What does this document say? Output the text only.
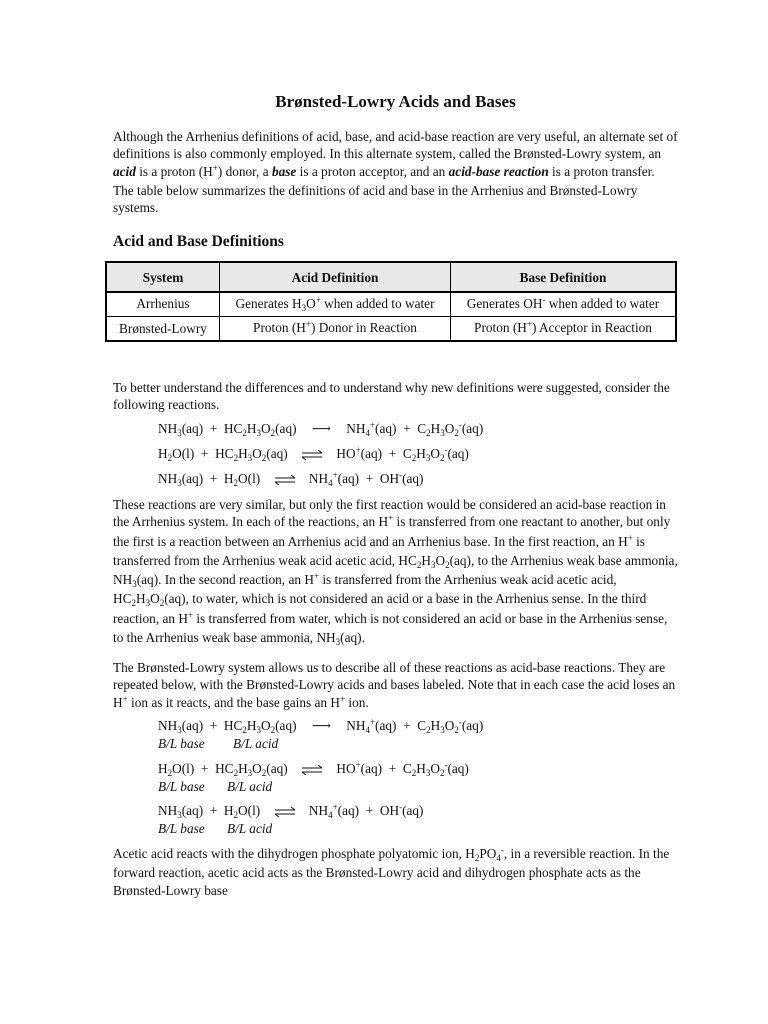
Brønsted-Lowry Acids and Bases

Although the Arrhenius definitions of acid, base, and acid-base reaction are very useful, an alternate set of definitions is also commonly employed. In this alternate system, called the Brønsted-Lowry system, an acid is a proton (H+) donor, a base is a proton acceptor, and an acid-base reaction is a proton transfer. The table below summarizes the definitions of acid and base in the Arrhenius and Brønsted-Lowry systems.

Acid and Base Definitions
System	Acid Definition	Base Definition
Arrhenius	Generates $H_3O^+$ when added to water	Generates OH- when added to water
Brønsted-Lowry	Proton (H+) Donor in Reaction	Proton (H+) Acceptor in Reaction

To better understand the differences and to understand why new definitions were suggested, consider the following reactions.

$NH_3(aq) + HC_2H_3O_2(aq)$ ⟶ $NH_4^+(aq) + C_2H_3O_2^-(aq)$
$H_2O(l) + HC_2H_3O_2(aq)$ ⇌ $HO^+(aq) + C_2H_3O_2^-(aq)$
$NH_3(aq) + H_2O(l)$ ⇌ $NH_4^+(aq) + OH^-(aq)$

These reactions are very similar, but only the first reaction would be considered an acid-base reaction in the Arrhenius system. In each of the reactions, an H+ is transferred from one reactant to another, but only the first is a reaction between an Arrhenius acid and an Arrhenius base. In the first reaction, an H+ is transferred from the Arrhenius weak acid acetic acid, $HC_2H_3O_2(aq)$, to the Arrhenius weak base ammonia, $NH_3(aq)$. In the second reaction, an H+ is transferred from the Arrhenius weak acid acetic acid, $HC_2H_3O_2(aq)$, to water, which is not considered an acid or a base in the Arrhenius sense. In the third reaction, an H+ is transferred from water, which is not considered an acid or base in the Arrhenius sense, to the Arrhenius weak base ammonia, $NH_3(aq)$.

The Brønsted-Lowry system allows us to describe all of these reactions as acid-base reactions. They are repeated below, with the Brønsted-Lowry acids and bases labeled. Note that in each case the acid loses an H+ ion as it reacts, and the base gains an H+ ion.

$NH_3(aq) + HC_2H_3O_2(aq)$ ⟶ $NH_4^+(aq) + C_2H_3O_2^-(aq)$
B/L base B/L acid
$H_2O(l) + HC_2H_3O_2(aq)$ ⇌ $HO^+(aq) + C_2H_3O_2^-(aq)$
B/L base B/L acid
$NH_3(aq) + H_2O(l)$ ⇌ $NH_4^+(aq) + OH^-(aq)$
B/L base B/L acid

Acetic acid reacts with the dihydrogen phosphate polyatomic ion, $H_2PO_4^-$, in a reversible reaction. In the forward reaction, acetic acid acts as the Brønsted-Lowry acid and dihydrogen phosphate acts as the Brønsted-Lowry base
